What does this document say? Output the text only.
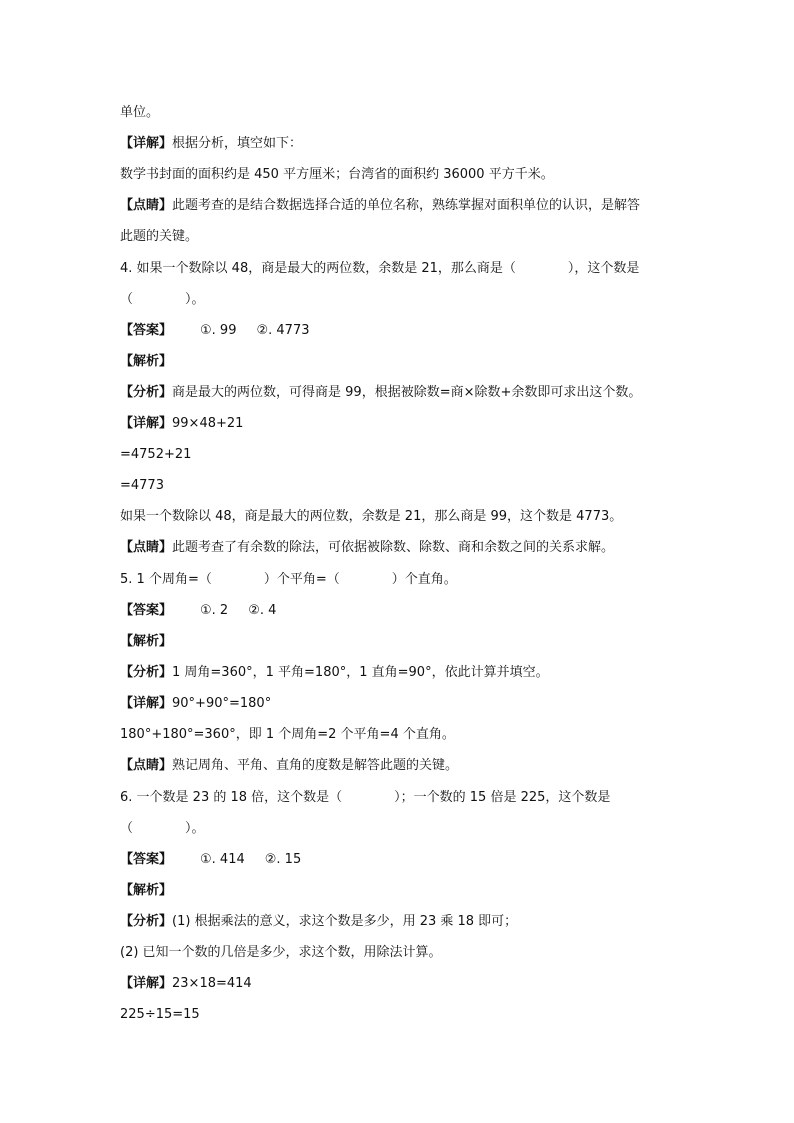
单位。
【详解】根据分析，填空如下：
数学书封面的面积约是 450 平方厘米；台湾省的面积约 36000 平方千米。
【点睛】此题考查的是结合数据选择合适的单位名称，熟练掌握对面积单位的认识，是解答
此题的关键。
4. 如果一个数除以 48，商是最大的两位数，余数是 21，那么商是（　　　　），这个数是
（　　　　）。
【答案】 ①. 99 ②. 4773
【解析】
【分析】商是最大的两位数，可得商是 99，根据被除数=商×除数+余数即可求出这个数。
【详解】99×48+21
=4752+21
=4773
如果一个数除以 48，商是最大的两位数，余数是 21，那么商是 99，这个数是 4773。
【点睛】此题考查了有余数的除法，可依据被除数、除数、商和余数之间的关系求解。
5. 1 个周角=（　　　　）个平角=（　　　　）个直角。
【答案】 ①. 2 ②. 4
【解析】
【分析】1 周角=360°，1 平角=180°，1 直角=90°，依此计算并填空。
【详解】90°+90°=180°
180°+180°=360°，即 1 个周角=2 个平角=4 个直角。
【点睛】熟记周角、平角、直角的度数是解答此题的关键。
6. 一个数是 23 的 18 倍，这个数是（　　　　）；一个数的 15 倍是 225，这个数是
（　　　　）。
【答案】 ①. 414 ②. 15
【解析】
【分析】(1) 根据乘法的意义，求这个数是多少，用 23 乘 18 即可；
(2) 已知一个数的几倍是多少，求这个数，用除法计算。
【详解】23×18=414
225÷15=15
